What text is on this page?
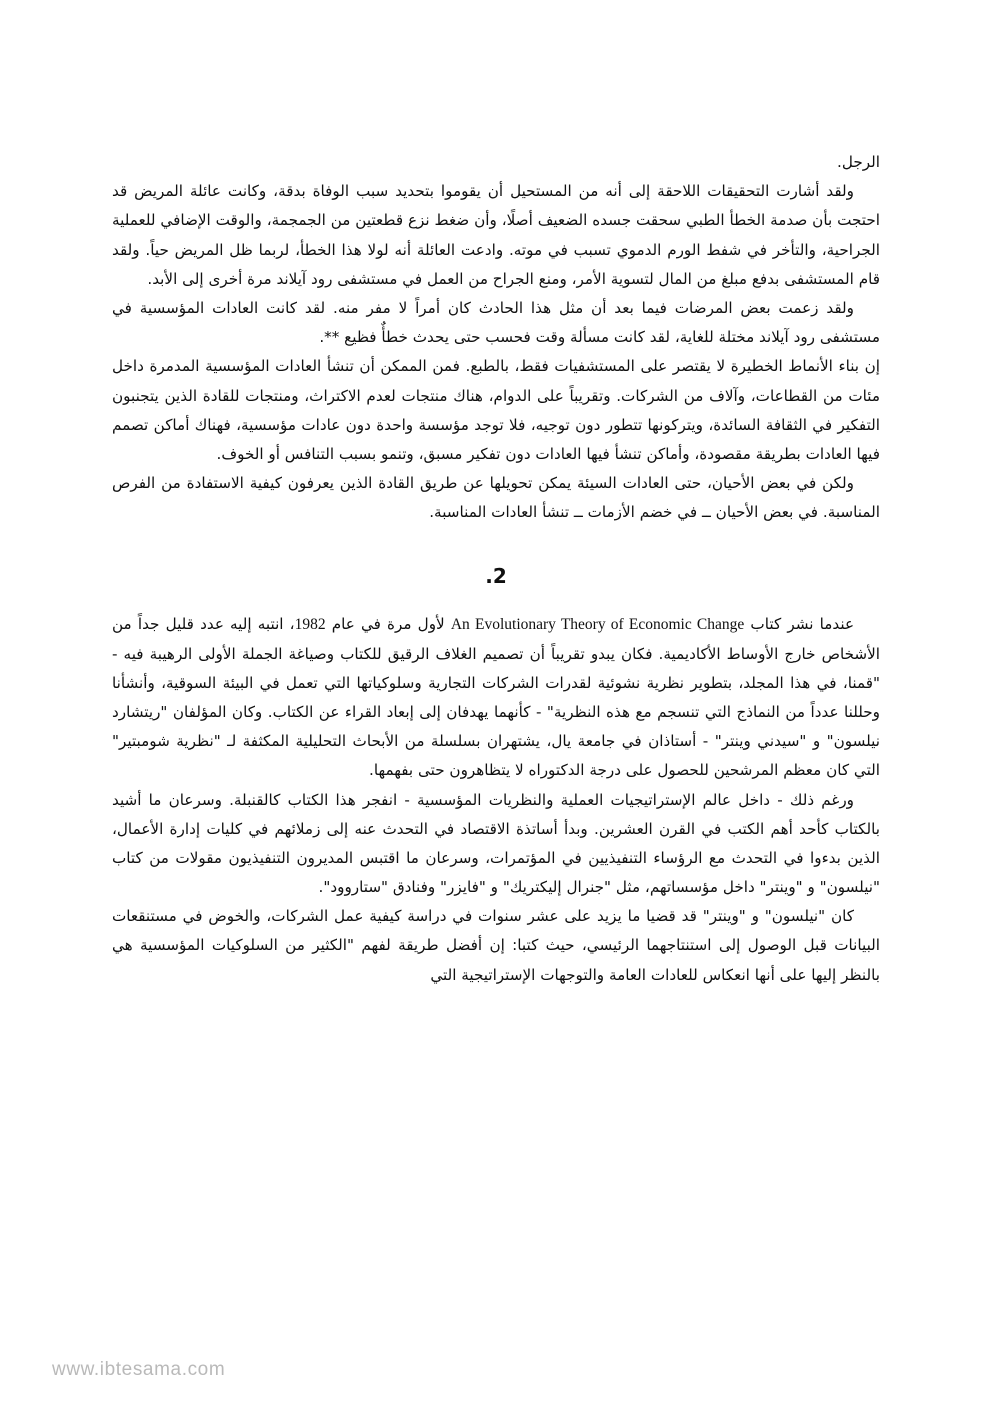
الرجل.

ولقد أشارت التحقيقات اللاحقة إلى أنه من المستحيل أن يقوموا بتحديد سبب الوفاة بدقة، وكانت عائلة المريض قد احتجت بأن صدمة الخطأ الطبي سحقت جسده الضعيف أصلًا، وأن ضغط نزع قطعتين من الجمجمة، والوقت الإضافي للعملية الجراحية، والتأخر في شفط الورم الدموي تسبب في موته. وادعت العائلة أنه لولا هذا الخطأ، لربما ظل المريض حياً. ولقد قام المستشفى بدفع مبلغ من المال لتسوية الأمر، ومنع الجراح من العمل في مستشفى رود آيلاند مرة أخرى إلى الأبد.

ولقد زعمت بعض المرضات فيما بعد أن مثل هذا الحادث كان أمراً لا مفر منه. لقد كانت العادات المؤسسية في مستشفى رود آيلاند مختلة للغاية، لقد كانت مسألة وقت فحسب حتى يحدث خطأٌ فظيع **.

إن بناء الأنماط الخطيرة لا يقتصر على المستشفيات فقط، بالطبع. فمن الممكن أن تنشأ العادات المؤسسية المدمرة داخل مئات من القطاعات، وآلاف من الشركات. وتقريباً على الدوام، هناك منتجات لعدم الاكتراث، ومنتجات للقادة الذين يتجنبون التفكير في الثقافة السائدة، ويتركونها تتطور دون توجيه، فلا توجد مؤسسة واحدة دون عادات مؤسسية، فهناك أماكن تصمم فيها العادات بطريقة مقصودة، وأماكن تنشأ فيها العادات دون تفكير مسبق، وتنمو بسبب التنافس أو الخوف.

ولكن في بعض الأحيان، حتى العادات السيئة يمكن تحويلها عن طريق القادة الذين يعرفون كيفية الاستفادة من الفرص المناسبة. في بعض الأحيان ــ في خضم الأزمات ــ تنشأ العادات المناسبة.

.2

عندما نشر كتاب An Evolutionary Theory of Economic Change لأول مرة في عام 1982، انتبه إليه عدد قليل جداً من الأشخاص خارج الأوساط الأكاديمية. فكان يبدو تقريباً أن تصميم الغلاف الرقيق للكتاب وصياغة الجملة الأولى الرهيبة فيه - "قمنا، في هذا المجلد، بتطوير نظرية نشوئية لقدرات الشركات التجارية وسلوكياتها التي تعمل في البيئة السوقية، وأنشأنا وحللنا عدداً من النماذج التي تنسجم مع هذه النظرية" - كأنهما يهدفان إلى إبعاد القراء عن الكتاب. وكان المؤلفان "ريتشارد نيلسون" و "سيدني وينتر" - أستاذان في جامعة يال، يشتهران بسلسلة من الأبحاث التحليلية المكثفة لـ "نظرية شومبتير" التي كان معظم المرشحين للحصول على درجة الدكتوراه لا يتظاهرون حتى بفهمها.

ورغم ذلك - داخل عالم الإستراتيجيات العملية والنظريات المؤسسية - انفجر هذا الكتاب كالقنبلة. وسرعان ما أشيد بالكتاب كأحد أهم الكتب في القرن العشرين. وبدأ أساتذة الاقتصاد في التحدث عنه إلى زملائهم في كليات إدارة الأعمال، الذين بدءوا في التحدث مع الرؤساء التنفيذيين في المؤتمرات، وسرعان ما اقتبس المديرون التنفيذيون مقولات من كتاب "نيلسون" و "وينتر" داخل مؤسساتهم، مثل "جنرال إليكتريك" و "فايزر" وفنادق "ستاروود".

كان "نيلسون" و "وينتر" قد قضيا ما يزيد على عشر سنوات في دراسة كيفية عمل الشركات، والخوض في مستنقعات البيانات قبل الوصول إلى استنتاجهما الرئيسي، حيث كتبا: إن أفضل طريقة لفهم "الكثير من السلوكيات المؤسسية هي بالنظر إليها على أنها انعكاس للعادات العامة والتوجهات الإستراتيجية التي

www.ibtesama.com
